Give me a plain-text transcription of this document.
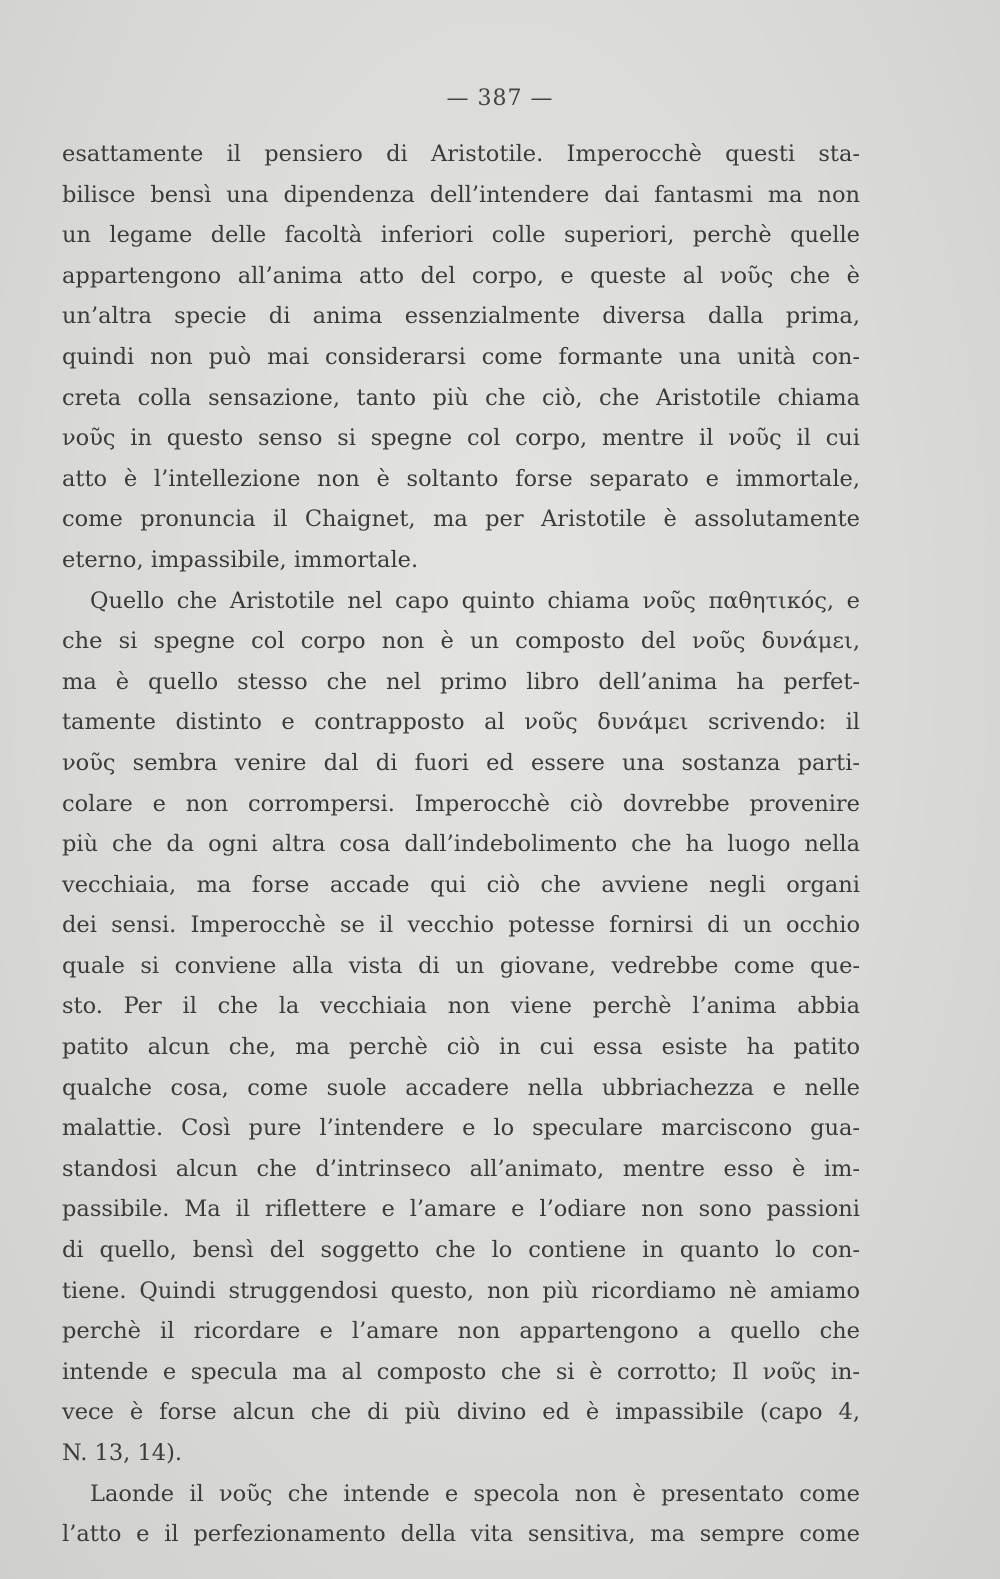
— 387 —
esattamente il pensiero di Aristotile. Imperocchè questi sta-
bilisce bensì una dipendenza dell’intendere dai fantasmi ma non
un legame delle facoltà inferiori colle superiori, perchè quelle
appartengono all’anima atto del corpo, e queste al νοῦς che è
un’altra specie di anima essenzialmente diversa dalla prima,
quindi non può mai considerarsi come formante una unità con-
creta colla sensazione, tanto più che ciò, che Aristotile chiama
νοῦς in questo senso si spegne col corpo, mentre il νοῦς il cui
atto è l’intellezione non è soltanto forse separato e immortale,
come pronuncia il Chaignet, ma per Aristotile è assolutamente
eterno, impassibile, immortale.
Quello che Aristotile nel capo quinto chiama νοῦς παθητικός, e
che si spegne col corpo non è un composto del νοῦς δυνάμει,
ma è quello stesso che nel primo libro dell’anima ha perfet-
tamente distinto e contrapposto al νοῦς δυνάμει scrivendo: il
νοῦς sembra venire dal di fuori ed essere una sostanza parti-
colare e non corrompersi. Imperocchè ciò dovrebbe provenire
più che da ogni altra cosa dall’indebolimento che ha luogo nella
vecchiaia, ma forse accade qui ciò che avviene negli organi
dei sensi. Imperocchè se il vecchio potesse fornirsi di un occhio
quale si conviene alla vista di un giovane, vedrebbe come que-
sto. Per il che la vecchiaia non viene perchè l’anima abbia
patito alcun che, ma perchè ciò in cui essa esiste ha patito
qualche cosa, come suole accadere nella ubbriachezza e nelle
malattie. Così pure l’intendere e lo speculare marciscono gua-
standosi alcun che d’intrinseco all’animato, mentre esso è im-
passibile. Ma il riflettere e l’amare e l’odiare non sono passioni
di quello, bensì del soggetto che lo contiene in quanto lo con-
tiene. Quindi struggendosi questo, non più ricordiamo nè amiamo
perchè il ricordare e l’amare non appartengono a quello che
intende e specula ma al composto che si è corrotto; Il νοῦς in-
vece è forse alcun che di più divino ed è impassibile (capo 4,
N. 13, 14).
Laonde il νοῦς che intende e specola non è presentato come
l’atto e il perfezionamento della vita sensitiva, ma sempre come
